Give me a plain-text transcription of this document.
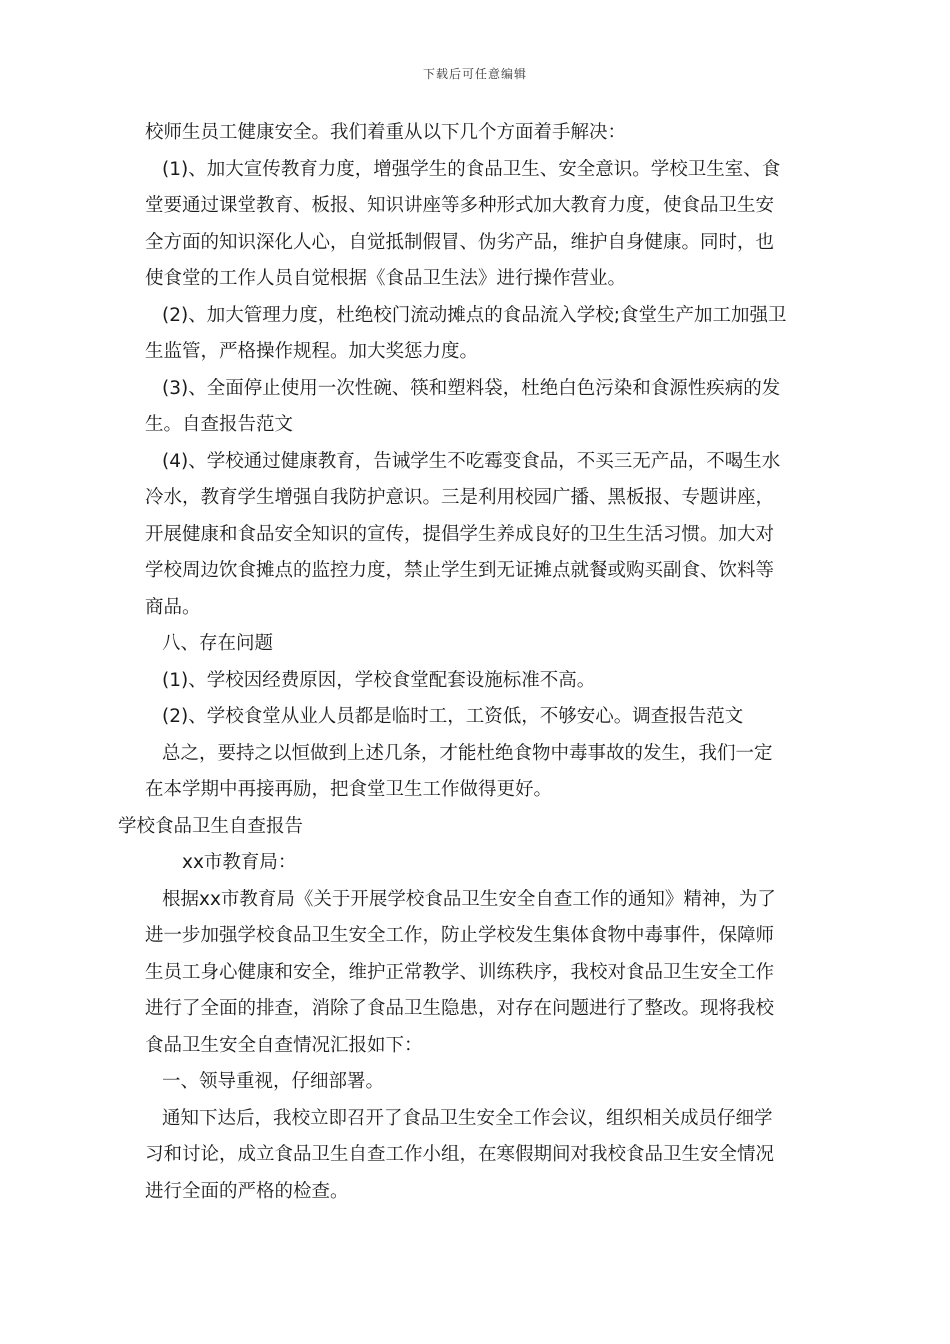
下载后可任意编辑
校师生员工健康安全。我们着重从以下几个方面着手解决：
(1)、加大宣传教育力度，增强学生的食品卫生、安全意识。学校卫生室、食
堂要通过课堂教育、板报、知识讲座等多种形式加大教育力度，使食品卫生安
全方面的知识深化人心，自觉抵制假冒、伪劣产品，维护自身健康。同时，也
使食堂的工作人员自觉根据《食品卫生法》进行操作营业。
(2)、加大管理力度，杜绝校门流动摊点的食品流入学校;食堂生产加工加强卫
生监管，严格操作规程。加大奖惩力度。
(3)、全面停止使用一次性碗、筷和塑料袋，杜绝白色污染和食源性疾病的发
生。自查报告范文
(4)、学校通过健康教育，告诫学生不吃霉变食品，不买三无产品，不喝生水
冷水，教育学生增强自我防护意识。三是利用校园广播、黑板报、专题讲座，
开展健康和食品安全知识的宣传，提倡学生养成良好的卫生生活习惯。加大对
学校周边饮食摊点的监控力度，禁止学生到无证摊点就餐或购买副食、饮料等
商品。
八、存在问题
(1)、学校因经费原因，学校食堂配套设施标准不高。
(2)、学校食堂从业人员都是临时工，工资低，不够安心。调查报告范文
总之，要持之以恒做到上述几条，才能杜绝食物中毒事故的发生，我们一定
在本学期中再接再励，把食堂卫生工作做得更好。
学校食品卫生自查报告
xx市教育局：
根据xx市教育局《关于开展学校食品卫生安全自查工作的通知》精神，为了
进一步加强学校食品卫生安全工作，防止学校发生集体食物中毒事件，保障师
生员工身心健康和安全，维护正常教学、训练秩序，我校对食品卫生安全工作
进行了全面的排查，消除了食品卫生隐患，对存在问题进行了整改。现将我校
食品卫生安全自查情况汇报如下：
一、领导重视，仔细部署。
通知下达后，我校立即召开了食品卫生安全工作会议，组织相关成员仔细学
习和讨论，成立食品卫生自查工作小组，在寒假期间对我校食品卫生安全情况
进行全面的严格的检查。
